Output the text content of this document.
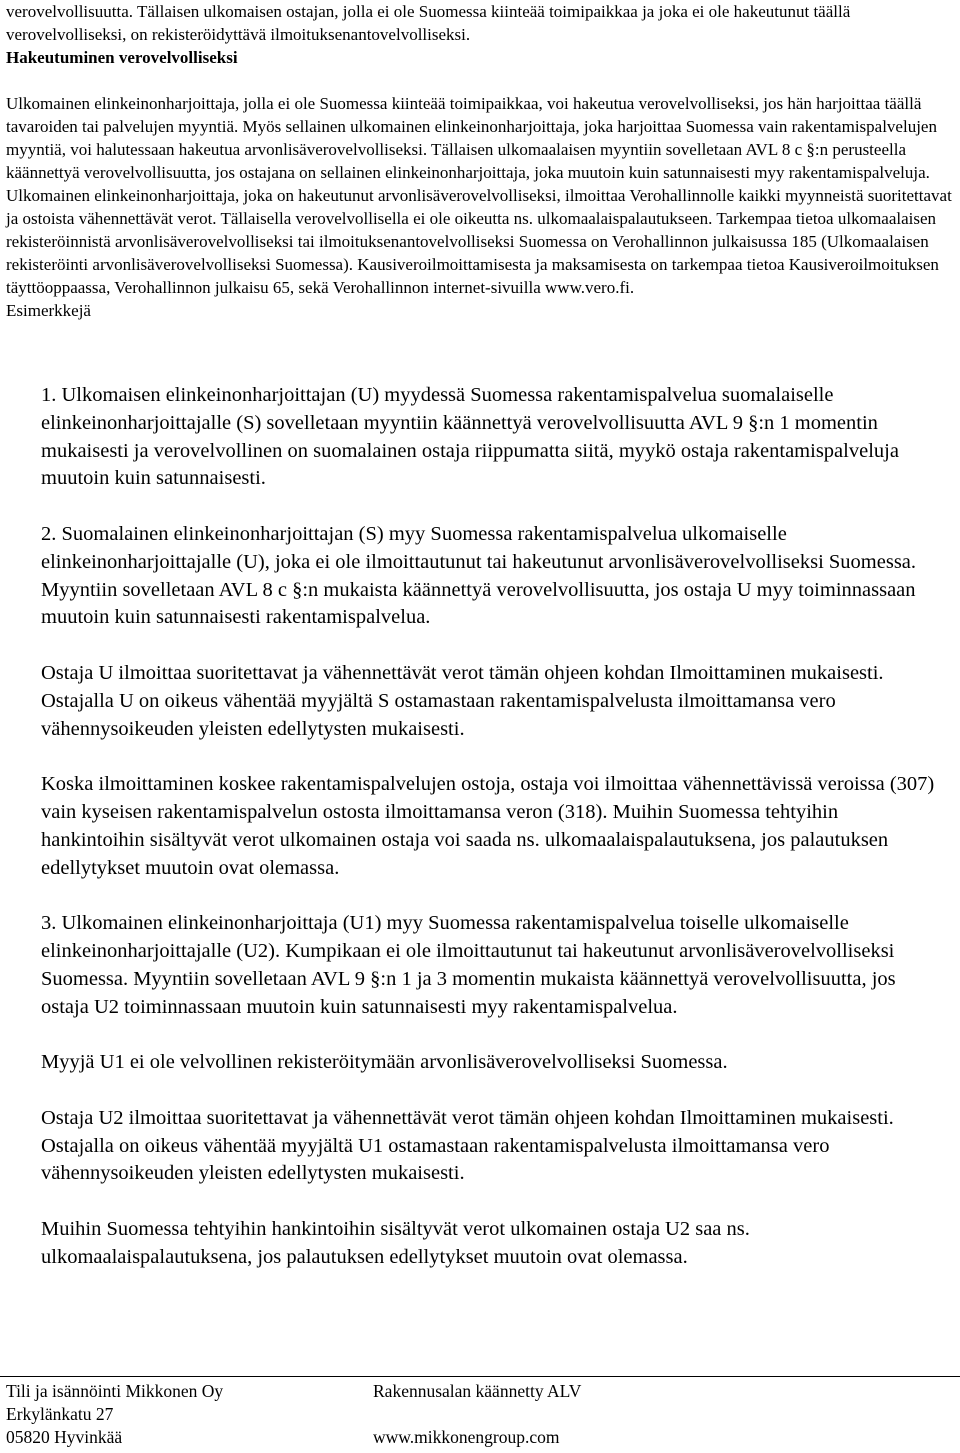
verovelvollisuutta. Tällaisen ulkomaisen ostajan, jolla ei ole Suomessa kiinteää toimipaikkaa ja joka ei ole hakeutunut täällä verovelvolliseksi, on rekisteröidyttävä ilmoituksenantovelvolliseksi.

Hakeutuminen verovelvolliseksi

Ulkomainen elinkeinonharjoittaja, jolla ei ole Suomessa kiinteää toimipaikkaa, voi hakeutua verovelvolliseksi, jos hän harjoittaa täällä tavaroiden tai palvelujen myyntiä. Myös sellainen ulkomainen elinkeinonharjoittaja, joka harjoittaa Suomessa vain rakentamispalvelujen myyntiä, voi halutessaan hakeutua arvonlisäverovelvolliseksi. Tällaisen ulkomaalaisen myyntiin sovelletaan AVL 8 c §:n perusteella käännettyä verovelvollisuutta, jos ostajana on sellainen elinkeinonharjoittaja, joka muutoin kuin satunnaisesti myy rakentamispalveluja. Ulkomainen elinkeinonharjoittaja, joka on hakeutunut arvonlisäverovelvolliseksi, ilmoittaa Verohallinnolle kaikki myynneistä suoritettavat ja ostoista vähennettävät verot. Tällaisella verovelvollisella ei ole oikeutta ns. ulkomaalaispalautukseen. Tarkempaa tietoa ulkomaalaisen rekisteröinnistä arvonlisäverovelvolliseksi tai ilmoituksenantovelvolliseksi Suomessa on Verohallinnon julkaisussa 185 (Ulkomaalaisen rekisteröinti arvonlisäverovelvolliseksi Suomessa). Kausiveroilmoittamisesta ja maksamisesta on tarkempaa tietoa Kausiveroilmoituksen täyttöoppaassa, Verohallinnon julkaisu 65, sekä Verohallinnon internet-sivuilla www.vero.fi.

Esimerkkejä

1. Ulkomaisen elinkeinonharjoittajan (U) myydessä Suomessa rakentamispalvelua suomalaiselle elinkeinonharjoittajalle (S) sovelletaan myyntiin käännettyä verovelvollisuutta AVL 9 §:n 1 momentin mukaisesti ja verovelvollinen on suomalainen ostaja riippumatta siitä, myykö ostaja rakentamispalveluja muutoin kuin satunnaisesti.

2. Suomalainen elinkeinonharjoittajan (S) myy Suomessa rakentamispalvelua ulkomaiselle elinkeinonharjoittajalle (U), joka ei ole ilmoittautunut tai hakeutunut arvonlisäverovelvolliseksi Suomessa. Myyntiin sovelletaan AVL 8 c §:n mukaista käännettyä verovelvollisuutta, jos ostaja U myy toiminnassaan muutoin kuin satunnaisesti rakentamispalvelua.

Ostaja U ilmoittaa suoritettavat ja vähennettävät verot tämän ohjeen kohdan Ilmoittaminen mukaisesti. Ostajalla U on oikeus vähentää myyjältä S ostamastaan rakentamispalvelusta ilmoittamansa vero vähennysoikeuden yleisten edellytysten mukaisesti.

Koska ilmoittaminen koskee rakentamispalvelujen ostoja, ostaja voi ilmoittaa vähennettävissä veroissa (307) vain kyseisen rakentamispalvelun ostosta ilmoittamansa veron (318). Muihin Suomessa tehtyihin hankintoihin sisältyvät verot ulkomainen ostaja voi saada ns. ulkomaalaispalautuksena, jos palautuksen edellytykset muutoin ovat olemassa.

3. Ulkomainen elinkeinonharjoittaja (U1) myy Suomessa rakentamispalvelua toiselle ulkomaiselle elinkeinonharjoittajalle (U2). Kumpikaan ei ole ilmoittautunut tai hakeutunut arvonlisäverovelvolliseksi Suomessa. Myyntiin sovelletaan AVL 9 §:n 1 ja 3 momentin mukaista käännettyä verovelvollisuutta, jos ostaja U2 toiminnassaan muutoin kuin satunnaisesti myy rakentamispalvelua.

Myyjä U1 ei ole velvollinen rekisteröitymään arvonlisäverovelvolliseksi Suomessa.

Ostaja U2 ilmoittaa suoritettavat ja vähennettävät verot tämän ohjeen kohdan Ilmoittaminen mukaisesti. Ostajalla on oikeus vähentää myyjältä U1 ostamastaan rakentamispalvelusta ilmoittamansa vero vähennysoikeuden yleisten edellytysten mukaisesti.

Muihin Suomessa tehtyihin hankintoihin sisältyvät verot ulkomainen ostaja U2 saa ns. ulkomaalaispalautuksena, jos palautuksen edellytykset muutoin ovat olemassa.

Tili ja isännöinti Mikkonen Oy
Erkylänkatu 27
05820 Hyvinkää
Rakennusalan käännetty ALV

www.mikkonengroup.com
